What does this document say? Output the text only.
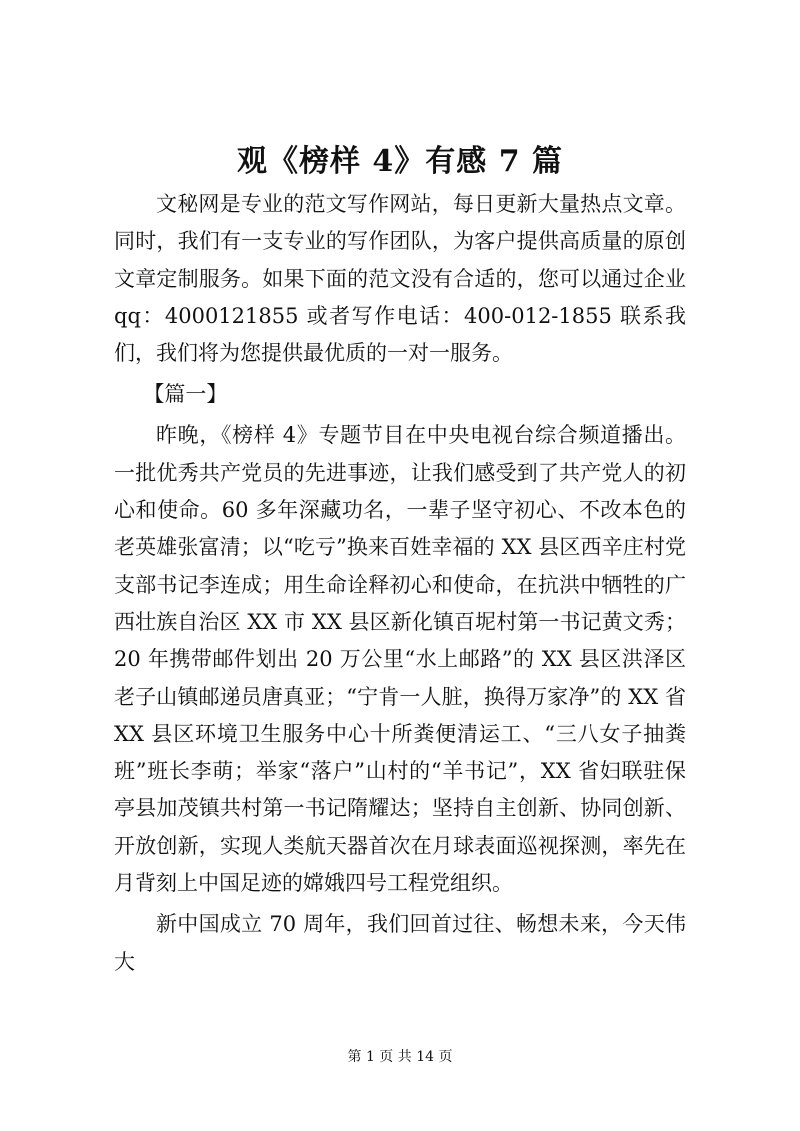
观《榜样 4》有感 7 篇

文秘网是专业的范文写作网站，每日更新大量热点文章。同时，我们有一支专业的写作团队，为客户提供高质量的原创文章定制服务。如果下面的范文没有合适的，您可以通过企业 qq：4000121855 或者写作电话：400-012-1855 联系我们，我们将为您提供最优质的一对一服务。

【篇一】

昨晚，《榜样 4》专题节目在中央电视台综合频道播出。一批优秀共产党员的先进事迹，让我们感受到了共产党人的初心和使命。60 多年深藏功名，一辈子坚守初心、不改本色的老英雄张富清；以“吃亏”换来百姓幸福的 XX 县区西辛庄村党支部书记李连成；用生命诠释初心和使命，在抗洪中牺牲的广西壮族自治区 XX 市 XX 县区新化镇百坭村第一书记黄文秀；20 年携带邮件划出 20 万公里“水上邮路”的 XX 县区洪泽区老子山镇邮递员唐真亚；“宁肯一人脏，换得万家净”的 XX 省 XX 县区环境卫生服务中心十所粪便清运工、“三八女子抽粪班”班长李萌；举家“落户”山村的“羊书记”，XX 省妇联驻保亭县加茂镇共村第一书记隋耀达；坚持自主创新、协同创新、开放创新，实现人类航天器首次在月球表面巡视探测，率先在月背刻上中国足迹的嫦娥四号工程党组织。

新中国成立 70 周年，我们回首过往、畅想未来，今天伟大

第 1 页 共 14 页
